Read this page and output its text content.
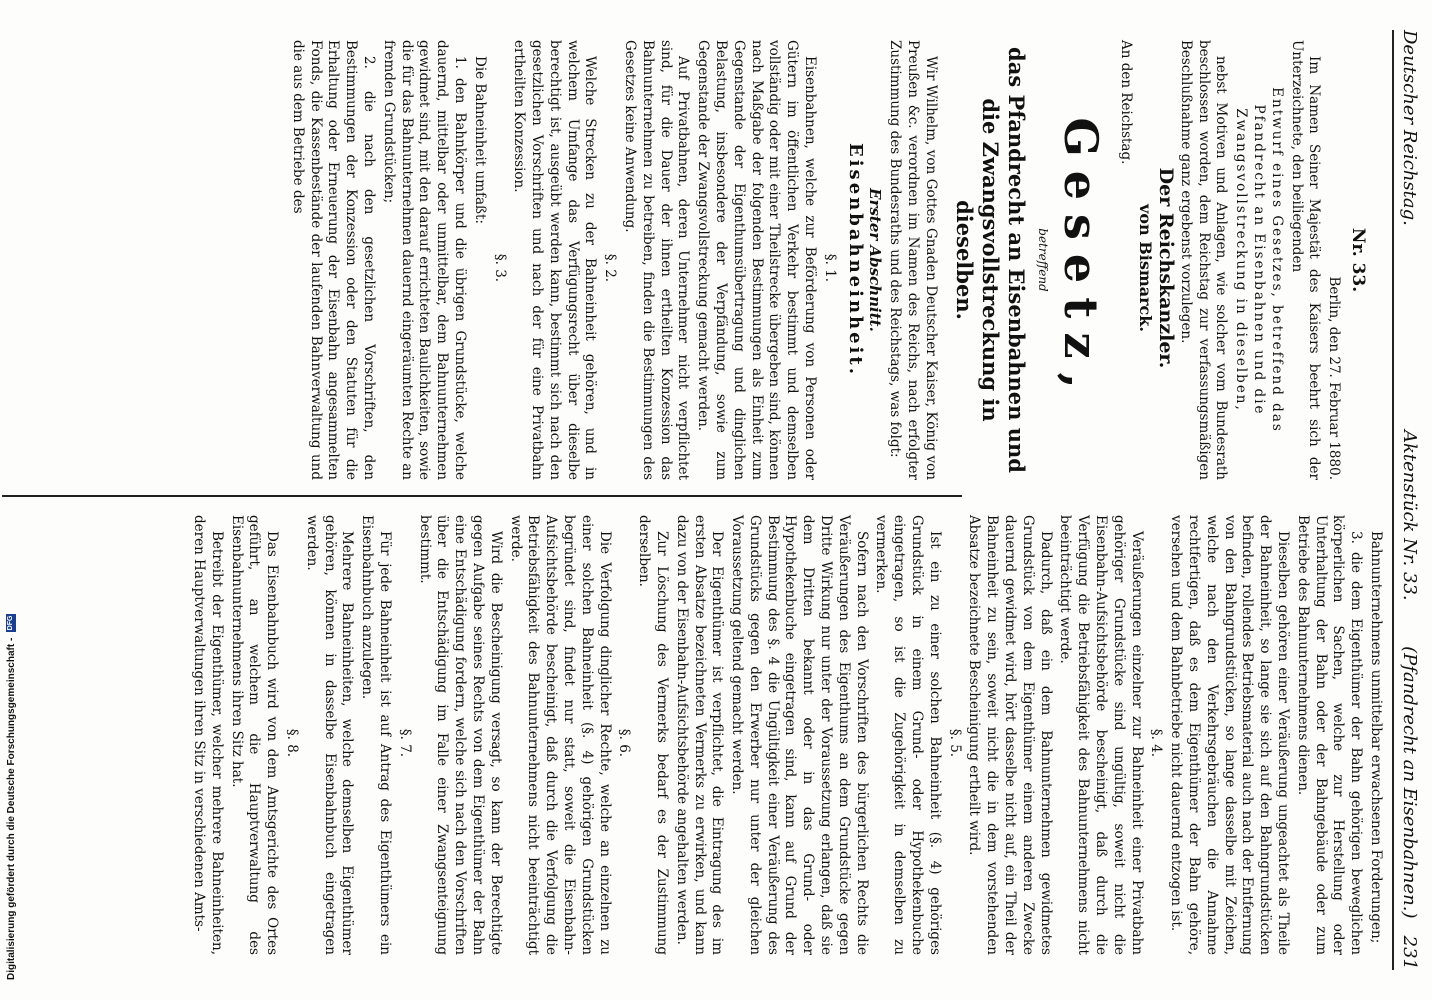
Deutscher Reichstag.
Aktenstück Nr. 33.
(Pfandrecht an Eisenbahnen.)   231

Nr. 33.

Berlin, den 27. Februar 1880.

Im Namen Seiner Majestät des Kaisers beehrt sich der Unterzeichnete, den beiliegenden

Entwurf eines Gesetzes, betreffend das Pfandrecht an Eisenbahnen und die Zwangsvollstreckung in dieselben,

nebst Motiven und Anlagen, wie solcher vom Bundesrath beschlossen worden, dem Reichstag zur verfassungsmäßigen Beschlußnahme ganz ergebenst vorzulegen.

Der Reichskanzler.

von Bismarck.

An den Reichstag.

Gesetz,
betreffend
das Pfandrecht an Eisenbahnen und die Zwangsvollstreckung in dieselben.

Wir Wilhelm, von Gottes Gnaden Deutscher Kaiser, König von Preußen &c. verordnen im Namen des Reichs, nach erfolgter Zustimmung des Bundesraths und des Reichstags, was folgt:

Erster Abschnitt.

Eisenbahneinheit.

§. 1.

Eisenbahnen, welche zur Beförderung von Personen oder Gütern im öffentlichen Verkehr bestimmt und demselben vollständig oder mit einer Theilstrecke übergeben sind, können nach Maßgabe der folgenden Bestimmungen als Einheit zum Gegenstande der Eigenthumsübertragung und dinglichen Belastung, insbesondere der Verpfändung, sowie zum Gegenstande der Zwangsvollstreckung gemacht werden.

Auf Privatbahnen, deren Unternehmer nicht verpflichtet sind, für die Dauer der ihnen ertheilten Konzession das Bahnunternehmen zu betreiben, finden die Bestimmungen des Gesetzes keine Anwendung.

§. 2.

Welche Strecken zu der Bahneinheit gehören, und in welchem Umfange das Verfügungsrecht über dieselbe berechtigt ist, ausgeübt werden kann, bestimmt sich nach den gesetzlichen Vorschriften und nach der für eine Privatbahn ertheilten Konzession.

§. 3.

Die Bahneinheit umfaßt:

1. den Bahnkörper und die übrigen Grundstücke, welche dauernd, mittelbar oder unmittelbar, dem Bahnunternehmen gewidmet sind, mit den darauf errichteten Baulichkeiten, sowie die für das Bahnunternehmen dauernd eingeräumten Rechte an fremden Grundstücken;

2. die nach den gesetzlichen Vorschriften, den Bestimmungen der Konzession oder den Statuten für die Erhaltung oder Erneuerung der Eisenbahn angesammelten Fonds, die Kassenbestände der laufenden Bahnverwaltung und die aus dem Betriebe des

Bahnunternehmens unmittelbar erwachsenen Forderungen;

3. die dem Eigenthümer der Bahn gehörigen beweglichen körperlichen Sachen, welche zur Herstellung oder Unterhaltung der Bahn oder der Bahngebäude oder zum Betriebe des Bahnunternehmens dienen.

Dieselben gehören einer Veräußerung ungeachtet als Theile der Bahneinheit, so lange sie sich auf den Bahngrundstücken befinden, rollendes Betriebsmaterial auch nach der Entfernung von den Bahngrundstücken, so lange dasselbe mit Zeichen, welche nach den Verkehrsgebräuchen die Annahme rechtfertigen, daß es dem Eigenthümer der Bahn gehöre, versehen und dem Bahnbetriebe nicht dauernd entzogen ist.

§. 4.

Veräußerungen einzelner zur Bahneinheit einer Privatbahn gehöriger Grundstücke sind ungültig, soweit nicht die Eisenbahn-Aufsichtsbehörde bescheinigt, daß durch die Verfügung die Betriebsfähigkeit des Bahnunternehmens nicht beeinträchtigt werde.

Dadurch, daß ein dem Bahnunternehmen gewidmetes Grundstück von dem Eigenthümer einem anderen Zwecke dauernd gewidmet wird, hört dasselbe nicht auf, ein Theil der Bahneinheit zu sein, soweit nicht die in dem vorstehenden Absatze bezeichnete Bescheinigung ertheilt wird.

§. 5.

Ist ein zu einer solchen Bahneinheit (§. 4) gehöriges Grundstück in einem Grund- oder Hypothekenbuche eingetragen, so ist die Zugehörigkeit in demselben zu vermerken.

Sofern nach den Vorschriften des bürgerlichen Rechts die Veräußerungen des Eigenthums an dem Grundstücke gegen Dritte Wirkung nur unter der Voraussetzung erlangen, daß sie dem Dritten bekannt oder in das Grund- oder Hypothekenbuche eingetragen sind, kann auf Grund der Bestimmung des §. 4 die Ungültigkeit einer Veräußerung des Grundstücks gegen den Erwerber nur unter der gleichen Voraussetzung geltend gemacht werden.

Der Eigenthümer ist verpflichtet, die Eintragung des im ersten Absatze bezeichneten Vermerks zu erwirken, und kann dazu von der Eisenbahn-Aufsichtsbehörde angehalten werden.

Zur Löschung des Vermerks bedarf es der Zustimmung derselben.

§. 6.

Die Verfolgung dinglicher Rechte, welche an einzelnen zu einer solchen Bahneinheit (§. 4) gehörigen Grundstücken begründet sind, findet nur statt, soweit die Eisenbahn-Aufsichtsbehörde bescheinigt, daß durch die Verfolgung die Betriebsfähigkeit des Bahnunternehmens nicht beeinträchtigt werde.

Wird die Bescheinigung versagt, so kann der Berechtigte gegen Aufgabe seines Rechts von dem Eigenthümer der Bahn eine Entschädigung fordern, welche sich nach den Vorschriften über die Entschädigung im Falle einer Zwangsenteignung bestimmt.

§. 7.

Für jede Bahneinheit ist auf Antrag des Eigenthümers ein Eisenbahnbuch anzulegen.

Mehrere Bahneinheiten, welche demselben Eigenthümer gehören, können in dasselbe Eisenbahnbuch eingetragen werden.

§. 8.

Das Eisenbahnbuch wird von dem Amtsgerichte des Ortes geführt, an welchem die Hauptverwaltung des Eisenbahnunternehmens ihren Sitz hat.

Betreibt der Eigenthümer, welcher mehrere Bahneinheiten, deren Hauptverwaltungen ihren Sitz in verschiedenen Amts-

Digitalisierung gefördert durch die Deutsche Forschungsgemeinschaft - DFG
